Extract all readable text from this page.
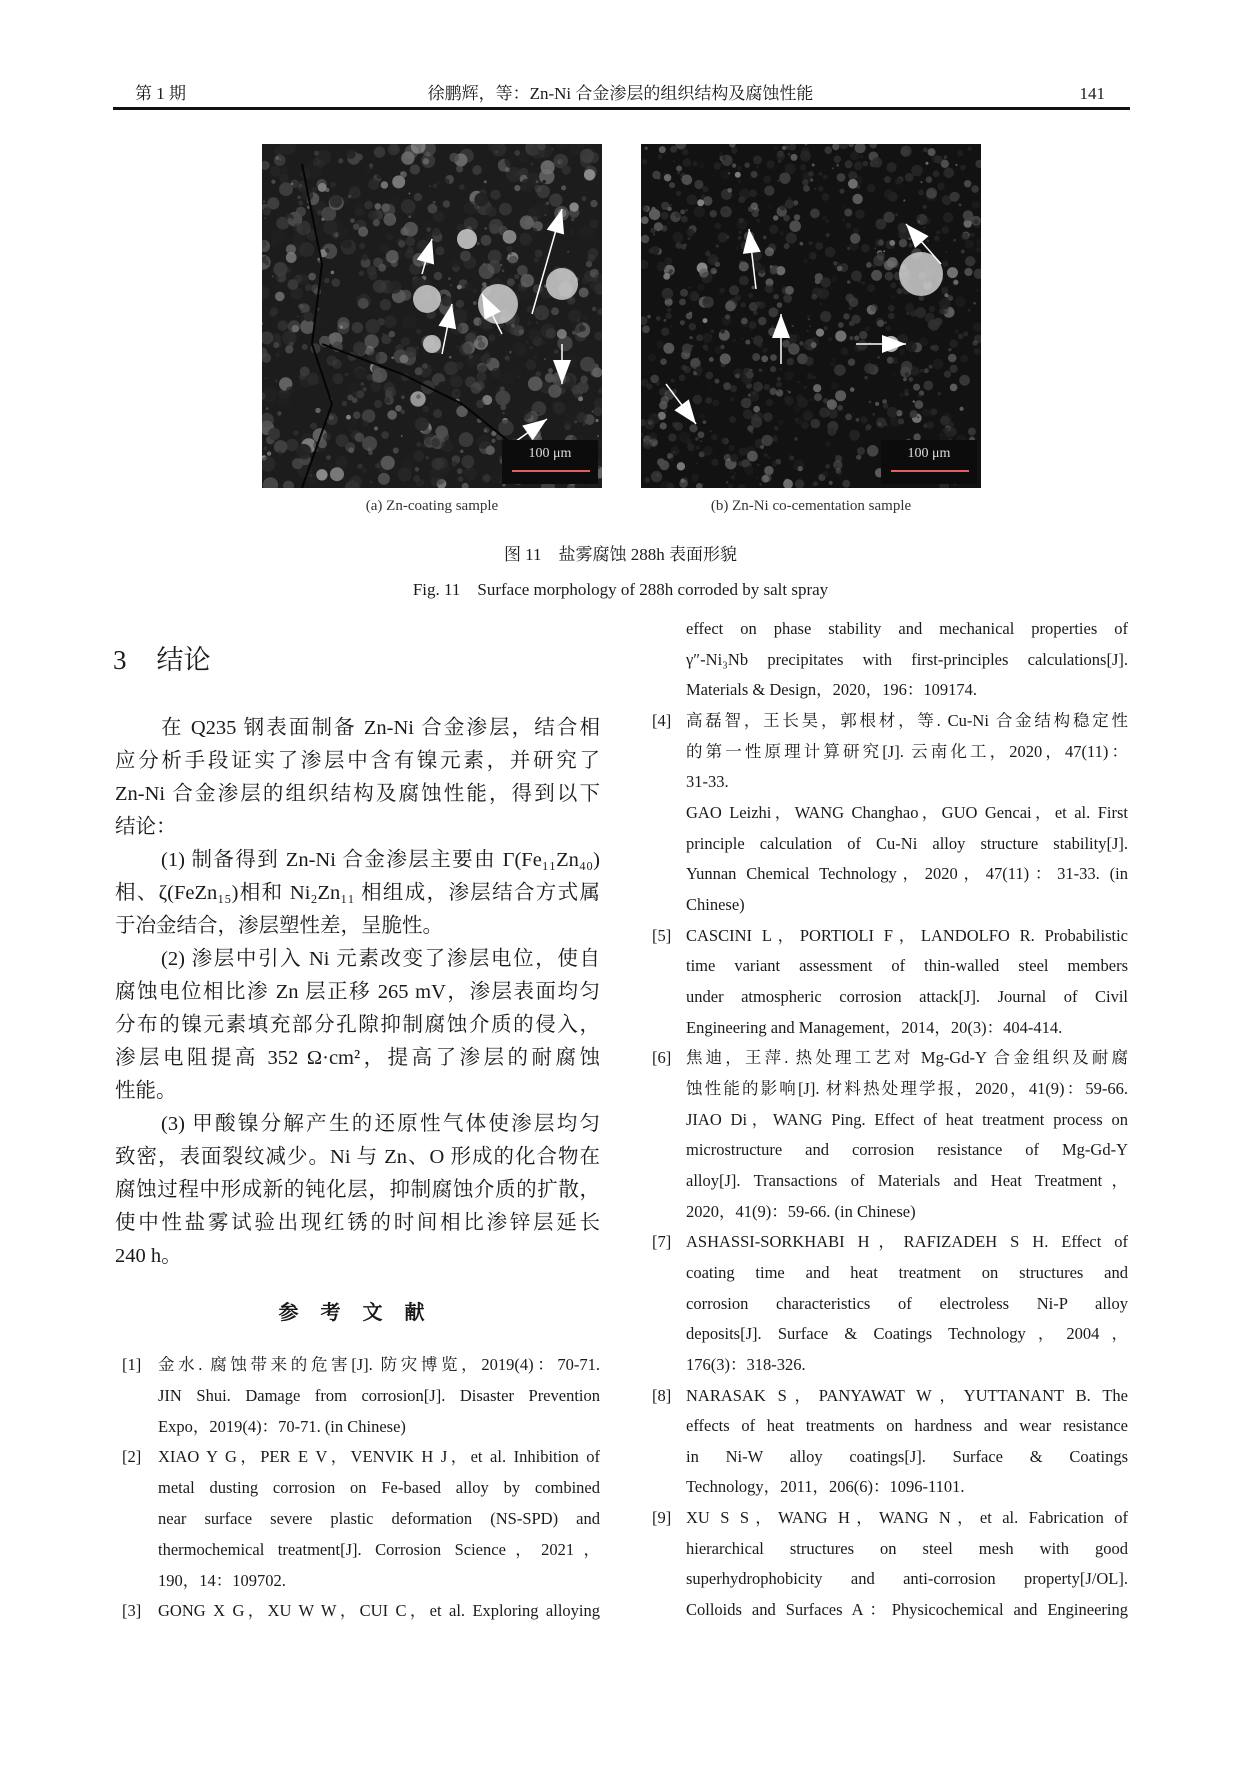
第 1 期	徐鹏辉，等：Zn-Ni 合金渗层的组织结构及腐蚀性能	141
100 μm	100 μm
(a) Zn-coating sample	(b) Zn-Ni co-cementation sample
图 11　盐雾腐蚀 288h 表面形貌
Fig. 11　Surface morphology of 288h corroded by salt spray
3 结论
参考文献
在 Q235 钢表面制备 Zn-Ni 合金渗层，结合相
应分析手段证实了渗层中含有镍元素，并研究了
Zn-Ni 合金渗层的组织结构及腐蚀性能，得到以下
结论：
(1) 制备得到 Zn-Ni 合金渗层主要由 Γ(Fe₁₁Zn₄₀)
相、ζ(FeZn₁₅)相和 Ni₂Zn₁₁ 相组成，渗层结合方式属
于冶金结合，渗层塑性差，呈脆性。
(2) 渗层中引入 Ni 元素改变了渗层电位，使自
腐蚀电位相比渗 Zn 层正移 265 mV，渗层表面均匀
分布的镍元素填充部分孔隙抑制腐蚀介质的侵入，
渗层电阻提高 352 Ω·cm²，提高了渗层的耐腐蚀
性能。
(3) 甲酸镍分解产生的还原性气体使渗层均匀
致密，表面裂纹减少。Ni 与 Zn、O 形成的化合物在
腐蚀过程中形成新的钝化层，抑制腐蚀介质的扩散，
使中性盐雾试验出现红锈的时间相比渗锌层延长
240 h。
[1] 金水. 腐蚀带来的危害[J]. 防灾博览，2019(4)：70-71.
JIN Shui. Damage from corrosion[J]. Disaster Prevention
Expo，2019(4)：70-71. (in Chinese)
[2] XIAO Y G，PER E V，VENVIK H J，et al. Inhibition of
metal dusting corrosion on Fe-based alloy by combined
near surface severe plastic deformation (NS-SPD) and
thermochemical treatment[J]. Corrosion Science，2021，
190，14：109702.
[3] GONG X G，XU W W，CUI C，et al. Exploring alloying
effect on phase stability and mechanical properties of
γ″-Ni₃Nb precipitates with first-principles calculations[J].
Materials & Design，2020，196：109174.
[4] 高磊智，王长昊，郭根材，等. Cu-Ni 合金结构稳定性
的第一性原理计算研究[J]. 云南化工，2020，47(11)：
31-33.
GAO Leizhi，WANG Changhao，GUO Gencai，et al. First
principle calculation of Cu-Ni alloy structure stability[J].
Yunnan Chemical Technology，2020，47(11)：31-33. (in
Chinese)
[5] CASCINI L，PORTIOLI F，LANDOLFO R. Probabilistic
time variant assessment of thin-walled steel members
under atmospheric corrosion attack[J]. Journal of Civil
Engineering and Management，2014，20(3)：404-414.
[6] 焦迪，王萍. 热处理工艺对 Mg-Gd-Y 合金组织及耐腐
蚀性能的影响[J]. 材料热处理学报，2020，41(9)：59-66.
JIAO Di，WANG Ping. Effect of heat treatment process on
microstructure and corrosion resistance of Mg-Gd-Y
alloy[J]. Transactions of Materials and Heat Treatment，
2020，41(9)：59-66. (in Chinese)
[7] ASHASSI-SORKHABI H，RAFIZADEH S H. Effect of
coating time and heat treatment on structures and
corrosion characteristics of electroless Ni-P alloy
deposits[J]. Surface & Coatings Technology，2004，
176(3)：318-326.
[8] NARASAK S，PANYAWAT W，YUTTANANT B. The
effects of heat treatments on hardness and wear resistance
in Ni-W alloy coatings[J]. Surface & Coatings
Technology，2011，206(6)：1096-1101.
[9] XU S S，WANG H，WANG N，et al. Fabrication of
hierarchical structures on steel mesh with good
superhydrophobicity and anti-corrosion property[J/OL].
Colloids and Surfaces A：Physicochemical and Engineering
